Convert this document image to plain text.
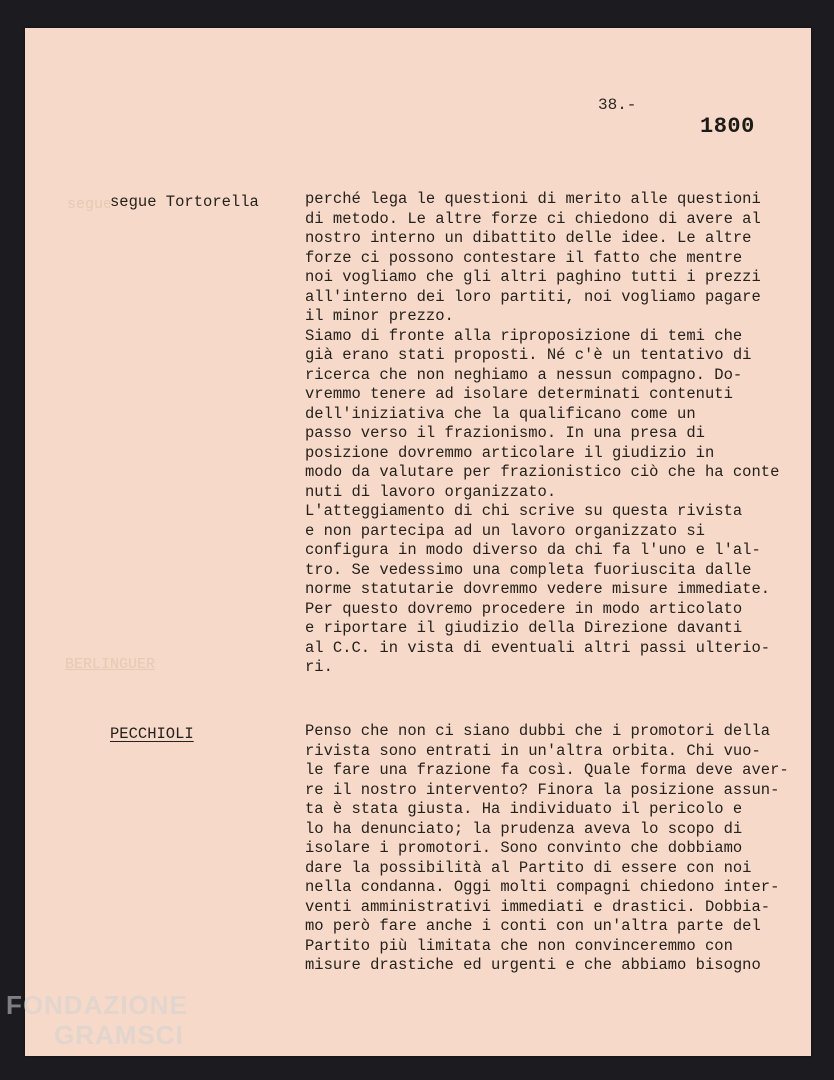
segue T
BERLINGUER
38.-
1800
segue Tortorella	perché lega le questioni di merito alle questioni
di metodo. Le altre forze ci chiedono di avere al
nostro interno un dibattito delle idee. Le altre
forze ci possono contestare il fatto che mentre
noi vogliamo che gli altri paghino tutti i prezzi
all'interno dei loro partiti, noi vogliamo pagare
il minor prezzo.
Siamo di fronte alla riproposizione di temi che
già erano stati proposti. Né c'è un tentativo di
ricerca che non neghiamo a nessun compagno. Do-
vremmo tenere ad isolare determinati contenuti
dell'iniziativa che la qualificano come un
passo verso il frazionismo. In una presa di
posizione dovremmo articolare il giudizio in
modo da valutare per frazionistico ciò che ha conte
nuti di lavoro organizzato.
L'atteggiamento di chi scrive su questa rivista
e non partecipa ad un lavoro organizzato si
configura in modo diverso da chi fa l'uno e l'al-
tro. Se vedessimo una completa fuoriuscita dalle
norme statutarie dovremmo vedere misure immediate.
Per questo dovremo procedere in modo articolato
e riportare il giudizio della Direzione davanti
al C.C. in vista di eventuali altri passi ulterio-
ri.
PECCHIOLI	Penso che non ci siano dubbi che i promotori della
rivista sono entrati in un'altra orbita. Chi vuo-
le fare una frazione fa così. Quale forma deve aver-
re il nostro intervento? Finora la posizione assun-
ta è stata giusta. Ha individuato il pericolo e
lo ha denunciato; la prudenza aveva lo scopo di
isolare i promotori. Sono convinto che dobbiamo
dare la possibilità al Partito di essere con noi
nella condanna. Oggi molti compagni chiedono inter-
venti amministrativi immediati e drastici. Dobbia-
mo però fare anche i conti con un'altra parte del
Partito più limitata che non convinceremmo con
misure drastiche ed urgenti e che abbiamo bisogno
FONDAZIONE
GRAMSCI
